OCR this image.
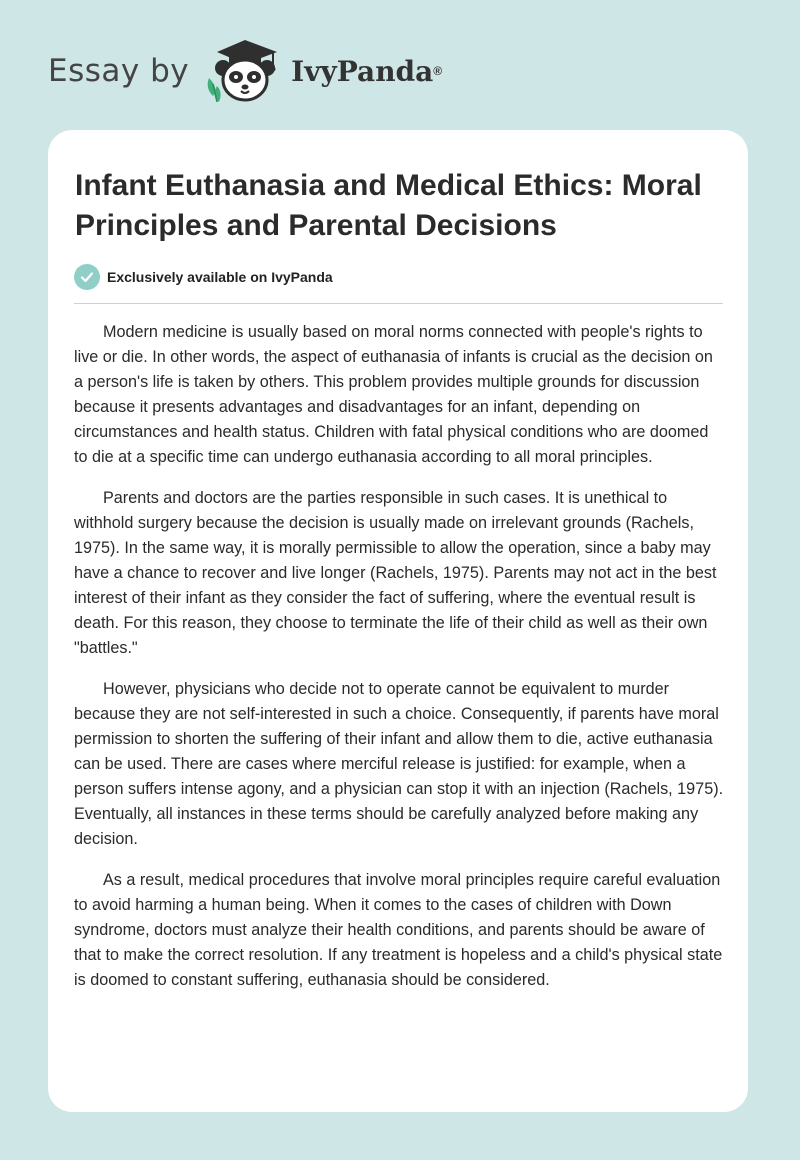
Essay by	IvyPanda ®
Infant Euthanasia and Medical Ethics: Moral Principles and Parental Decisions
Exclusively available on IvyPanda

Modern medicine is usually based on moral norms connected with people's rights to live or die. In other words, the aspect of euthanasia of infants is crucial as the decision on a person's life is taken by others. This problem provides multiple grounds for discussion because it presents advantages and disadvantages for an infant, depending on circumstances and health status. Children with fatal physical conditions who are doomed to die at a specific time can undergo euthanasia according to all moral principles.

Parents and doctors are the parties responsible in such cases. It is unethical to withhold surgery because the decision is usually made on irrelevant grounds (Rachels, 1975). In the same way, it is morally permissible to allow the operation, since a baby may have a chance to recover and live longer (Rachels, 1975). Parents may not act in the best interest of their infant as they consider the fact of suffering, where the eventual result is death. For this reason, they choose to terminate the life of their child as well as their own "battles."

However, physicians who decide not to operate cannot be equivalent to murder because they are not self-interested in such a choice. Consequently, if parents have moral permission to shorten the suffering of their infant and allow them to die, active euthanasia can be used. There are cases where merciful release is justified: for example, when a person suffers intense agony, and a physician can stop it with an injection (Rachels, 1975). Eventually, all instances in these terms should be carefully analyzed before making any decision.

As a result, medical procedures that involve moral principles require careful evaluation to avoid harming a human being. When it comes to the cases of children with Down syndrome, doctors must analyze their health conditions, and parents should be aware of that to make the correct resolution. If any treatment is hopeless and a child's physical state is doomed to constant suffering, euthanasia should be considered.
